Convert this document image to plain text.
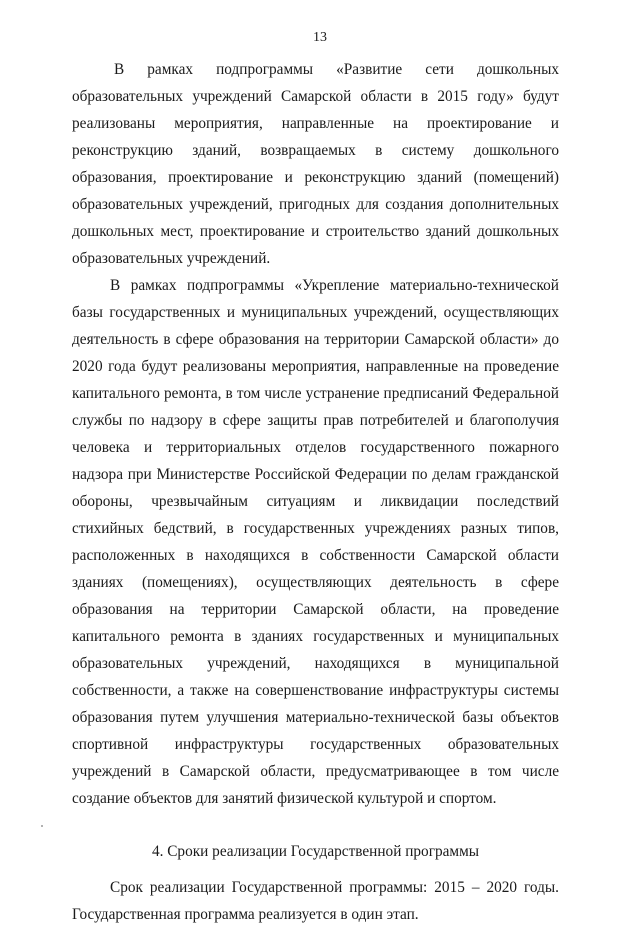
13

В рамках подпрограммы «Развитие сети дошкольных образовательных учреждений Самарской области в 2015 году» будут реализованы мероприятия, направленные на проектирование и реконструкцию зданий, возвращаемых в систему дошкольного образования, проектирование и реконструкцию зданий (помещений) образовательных учреждений, пригодных для создания дополнительных дошкольных мест, проектирование и строительство зданий дошкольных образовательных учреждений.

В рамках подпрограммы «Укрепление материально-технической базы государственных и муниципальных учреждений, осуществляющих деятельность в сфере образования на территории Самарской области» до 2020 года будут реализованы мероприятия, направленные на проведение капитального ремонта, в том числе устранение предписаний Федеральной службы по надзору в сфере защиты прав потребителей и благополучия человека и территориальных отделов государственного пожарного надзора при Министерстве Российской Федерации по делам гражданской обороны, чрезвычайным ситуациям и ликвидации последствий стихийных бедствий, в государственных учреждениях разных типов, расположенных в находящихся в собственности Самарской области зданиях (помещениях), осуществляющих деятельность в сфере образования на территории Самарской области, на проведение капитального ремонта в зданиях государственных и муниципальных образовательных учреждений, находящихся в муниципальной собственности, а также на совершенствование инфраструктуры системы образования путем улучшения материально-технической базы объектов спортивной инфраструктуры государственных образовательных учреждений в Самарской области, предусматривающее в том числе создание объектов для занятий физической культурой и спортом.

4. Сроки реализации Государственной программы

Срок реализации Государственной программы: 2015 – 2020 годы.
Государственная программа реализуется в один этап.
